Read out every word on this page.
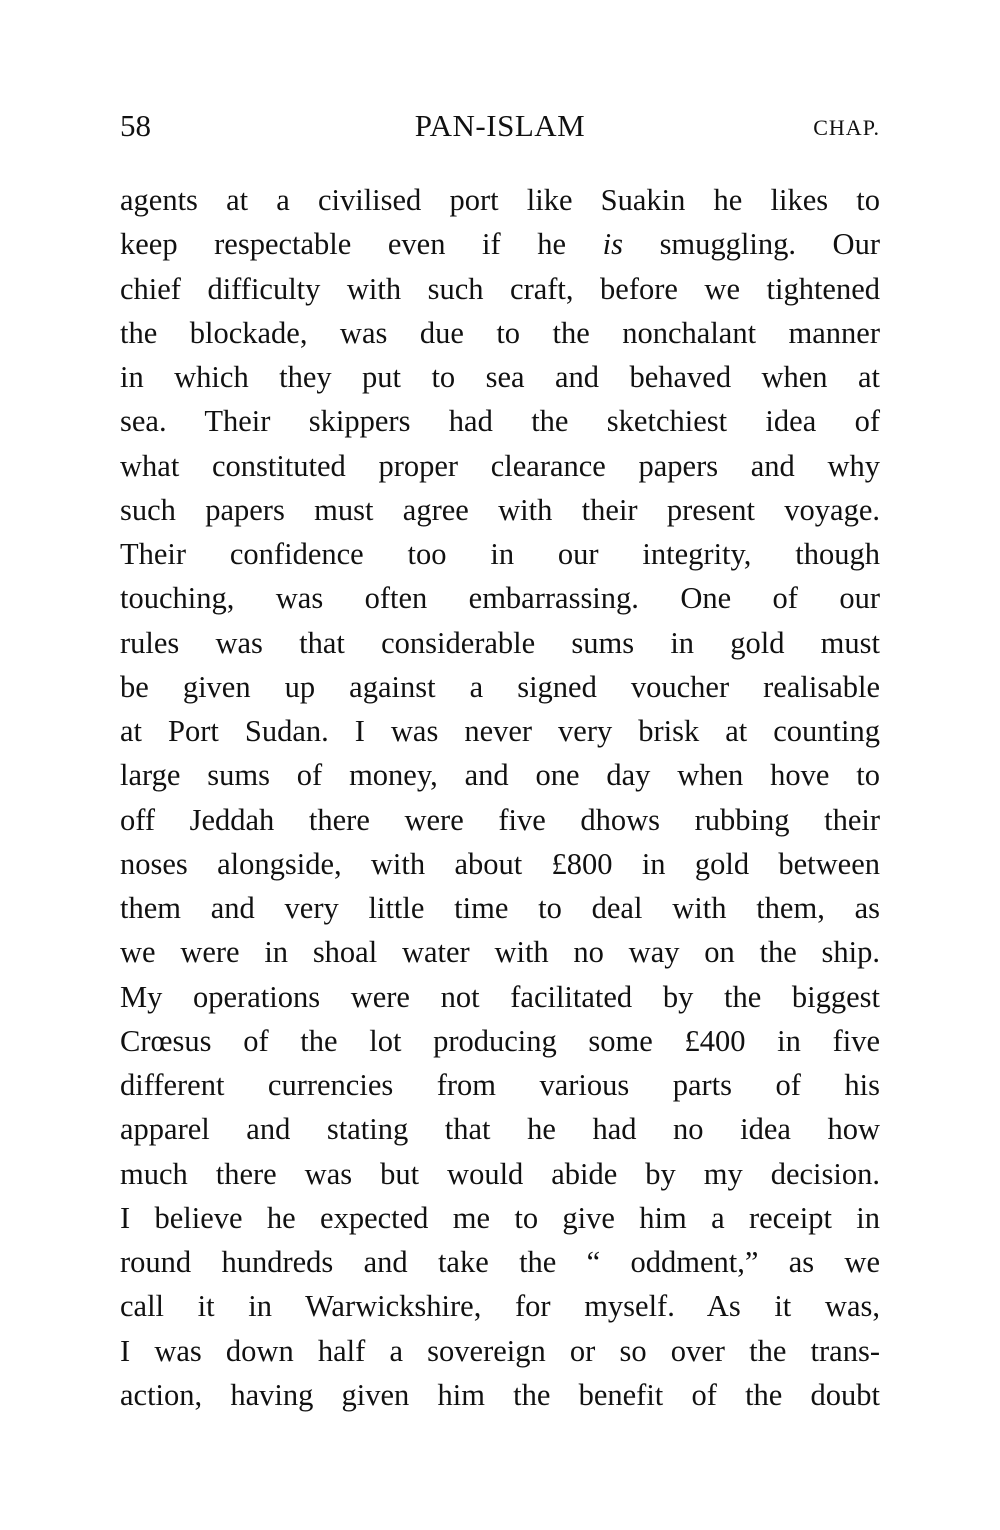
58	PAN-ISLAM	CHAP.
agents at a civilised port like Suakin he likes to
keep respectable even if he is smuggling. Our
chief difficulty with such craft, before we tightened
the blockade, was due to the nonchalant manner
in which they put to sea and behaved when at
sea. Their skippers had the sketchiest idea of
what constituted proper clearance papers and why
such papers must agree with their present voyage.
Their confidence too in our integrity, though
touching, was often embarrassing. One of our
rules was that considerable sums in gold must
be given up against a signed voucher realisable
at Port Sudan. I was never very brisk at counting
large sums of money, and one day when hove to
off Jeddah there were five dhows rubbing their
noses alongside, with about £800 in gold between
them and very little time to deal with them, as
we were in shoal water with no way on the ship.
My operations were not facilitated by the biggest
Crœsus of the lot producing some £400 in five
different currencies from various parts of his
apparel and stating that he had no idea how
much there was but would abide by my decision.
I believe he expected me to give him a receipt in
round hundreds and take the “ oddment,” as we
call it in Warwickshire, for myself. As it was,
I was down half a sovereign or so over the trans-
action, having given him the benefit of the doubt
